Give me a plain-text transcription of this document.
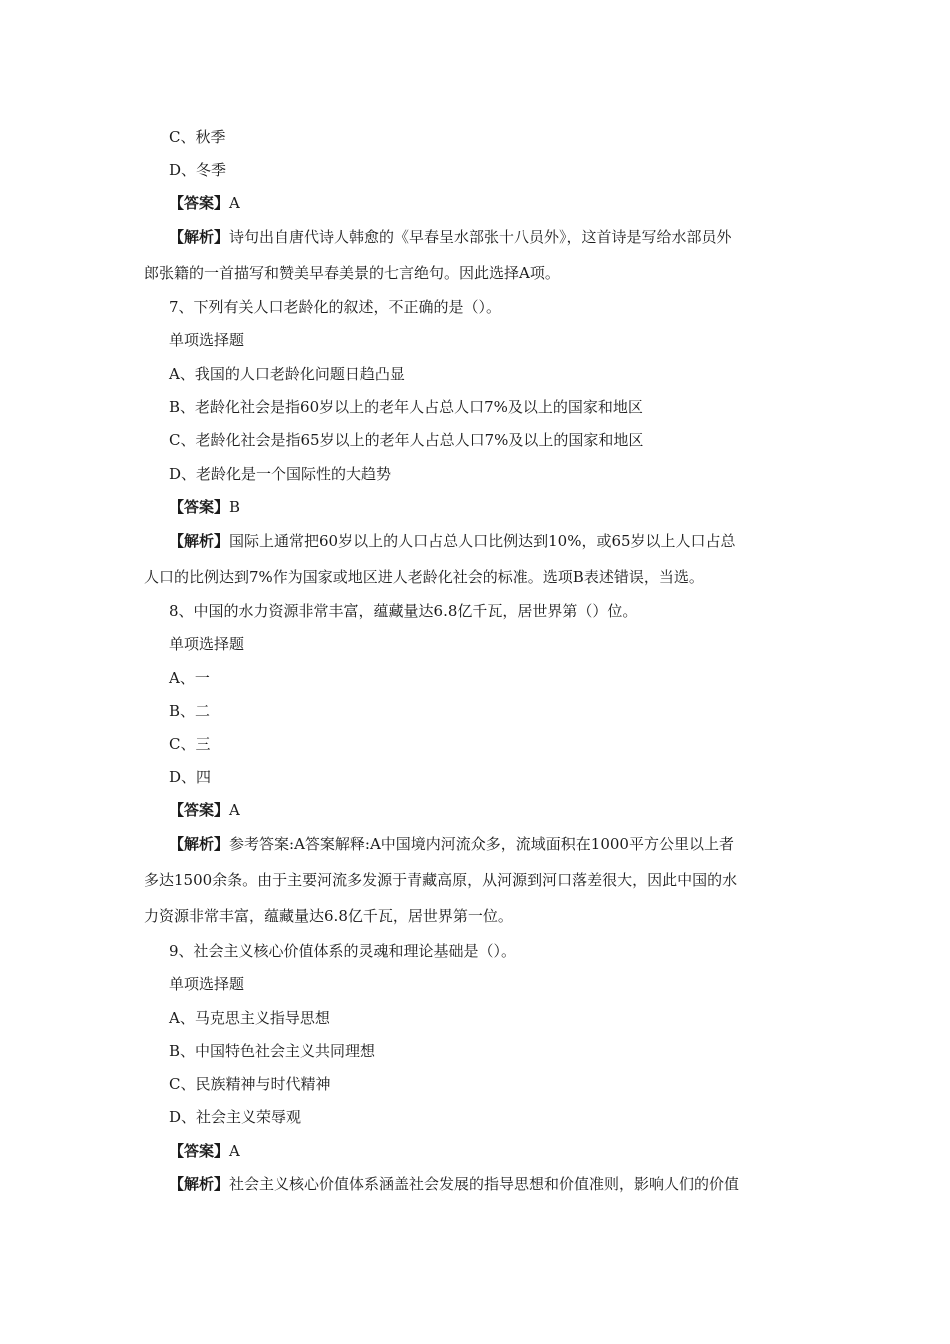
C、秋季
D、冬季
【答案】A
【解析】诗句出自唐代诗人韩愈的《早春呈水部张十八员外》，这首诗是写给水部员外
郎张籍的一首描写和赞美早春美景的七言绝句。因此选择A项。
7、下列有关人口老龄化的叙述，不正确的是（）。
单项选择题
A、我国的人口老龄化问题日趋凸显
B、老龄化社会是指60岁以上的老年人占总人口7%及以上的国家和地区
C、老龄化社会是指65岁以上的老年人占总人口7%及以上的国家和地区
D、老龄化是一个国际性的大趋势
【答案】B
【解析】国际上通常把60岁以上的人口占总人口比例达到10%，或65岁以上人口占总
人口的比例达到7%作为国家或地区进人老龄化社会的标准。选项B表述错误，当选。
8、中国的水力资源非常丰富，蕴藏量达6.8亿千瓦，居世界第（）位。
单项选择题
A、一
B、二
C、三
D、四
【答案】A
【解析】参考答案:A答案解释:A中国境内河流众多，流域面积在1000平方公里以上者
多达1500余条。由于主要河流多发源于青藏高原，从河源到河口落差很大，因此中国的水
力资源非常丰富，蕴藏量达6.8亿千瓦，居世界第一位。
9、社会主义核心价值体系的灵魂和理论基础是（）。
单项选择题
A、马克思主义指导思想
B、中国特色社会主义共同理想
C、民族精神与时代精神
D、社会主义荣辱观
【答案】A
【解析】社会主义核心价值体系涵盖社会发展的指导思想和价值准则，影响人们的价值
